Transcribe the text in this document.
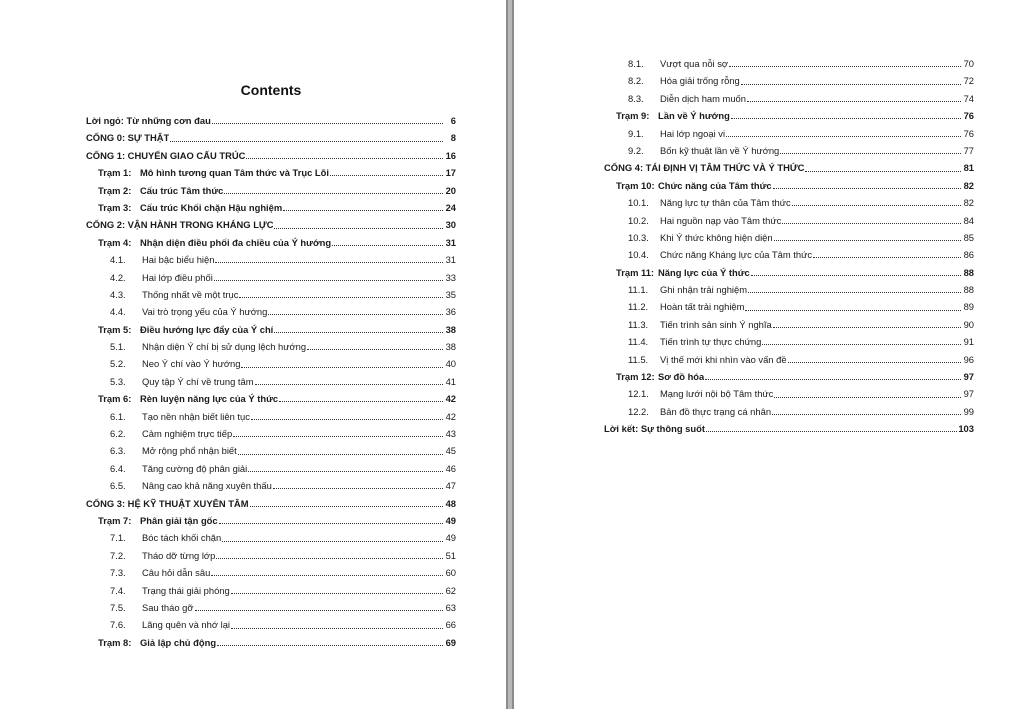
Contents
Lời ngỏ: Từ những cơn đau	6
CỔNG 0: SỰ THẬT	8
CỔNG 1: CHUYỂN GIAO CẤU TRÚC	16
Trạm 1: Mô hình tương quan Tâm thức và Trục Lõi	17
Trạm 2: Cấu trúc Tâm thức	20
Trạm 3: Cấu trúc Khối chặn Hậu nghiệm	24
CỔNG 2: VẬN HÀNH TRONG KHÁNG LỰC	30
Trạm 4: Nhận diện điều phối đa chiều của Ý hướng	31
4.1.	Hai bậc biểu hiện	31
4.2.	Hai lớp điều phối	33
4.3.	Thống nhất về một trục	35
4.4.	Vai trò trọng yếu của Ý hướng	36
Trạm 5: Điều hướng lực đẩy của Ý chí	38
5.1.	Nhận diện Ý chí bị sử dụng lệch hướng	38
5.2.	Neo Ý chí vào Ý hướng	40
5.3.	Quy tập Ý chí về trung tâm	41
Trạm 6: Rèn luyện năng lực của Ý thức	42
6.1.	Tạo nền nhận biết liên tục	42
6.2.	Cảm nghiệm trực tiếp	43
6.3.	Mở rộng phổ nhận biết	45
6.4.	Tăng cường độ phân giải	46
6.5.	Nâng cao khả năng xuyên thấu	47
CỔNG 3: HỆ KỸ THUẬT XUYÊN TÂM	48
Trạm 7: Phân giải tận gốc	49
7.1.	Bóc tách khối chặn	49
7.2.	Tháo dỡ từng lớp	51
7.3.	Câu hỏi dẫn sâu	60
7.4.	Trạng thái giải phóng	62
7.5.	Sau tháo gỡ	63
7.6.	Lãng quên và nhớ lại	66
Trạm 8: Giả lập chủ động	69
8.1.	Vượt qua nỗi sợ	70
8.2.	Hóa giải trống rỗng	72
8.3.	Diễn dịch ham muốn	74
Trạm 9: Lần về Ý hướng	76
9.1.	Hai lớp ngoại vi	76
9.2.	Bốn kỹ thuật lần về Ý hướng	77
CỔNG 4: TÁI ĐỊNH VỊ TÂM THỨC VÀ Ý THỨC	81
Trạm 10: Chức năng của Tâm thức	82
10.1.	Năng lực tự thân của Tâm thức	82
10.2.	Hai nguồn nạp vào Tâm thức	84
10.3.	Khi Ý thức không hiện diện	85
10.4.	Chức năng Kháng lực của Tâm thức	86
Trạm 11: Năng lực của Ý thức	88
11.1.	Ghi nhận trải nghiệm	88
11.2.	Hoàn tất trải nghiệm	89
11.3.	Tiến trình sản sinh Ý nghĩa	90
11.4.	Tiến trình tự thực chứng	91
11.5.	Vị thế mới khi nhìn vào vấn đề	96
Trạm 12: Sơ đồ hóa	97
12.1.	Mạng lưới nội bộ Tâm thức	97
12.2.	Bản đồ thực trạng cá nhân	99
Lời kết: Sự thông suốt	103
